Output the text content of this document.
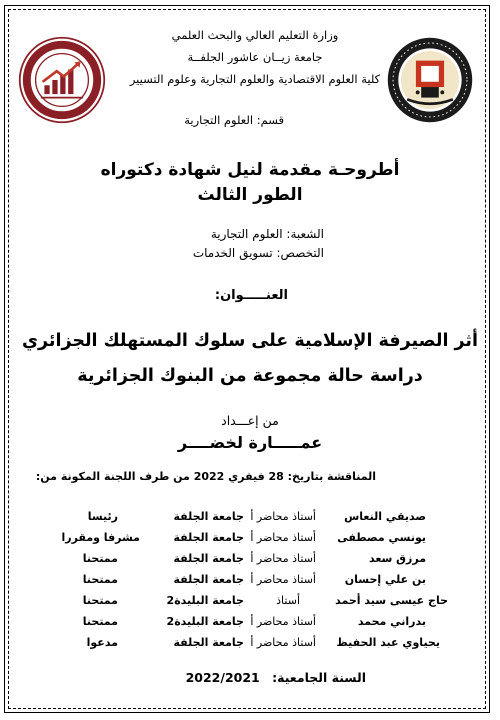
وزارة التعليم العالي والبحث العلمي
جامعة زيــان عاشور الجلفــة
كلية العلوم الاقتصادية والعلوم التجارية وعلوم التسيير
قسم: العلوم التجارية
أطروحـة مقدمة لنيل شهادة دكتوراه
الطور الثالث
الشعبة: العلوم التجارية
التخصص: تسويق الخدمات
العنـــــوان:
أثر الصيرفة الإسلامية على سلوك المستهلك الجزائري
دراسة حالة مجموعة من البنوك الجزائرية
من إعـــداد
عمـــــارة لخضــــر
المناقشة بتاريخ: 28 فيفري 2022 من طرف اللجنة المكونة من:
صديقي النعاس
أستاذ محاضر أ
جامعة الجلفة
رئيسا
يونسي مصطفى
أستاذ محاضر أ
جامعة الجلفة
مشرفا ومقررا
مرزق سعد
أستاذ محاضر أ
جامعة الجلفة
ممتحنا
بن علي إحسان
أستاذ محاضر أ
جامعة الجلفة
ممتحنا
حاج عيسى سيد أحمد
أستاذ
جامعة البليدة2
ممتحنا
بدراني محمد
أستاذ محاضر أ
جامعة البليدة2
ممتحنا
يحياوي عبد الحفيظ
أستاذ محاضر أ
جامعة الجلفة
مدعوا
السنة الجامعية: 2022/2021
